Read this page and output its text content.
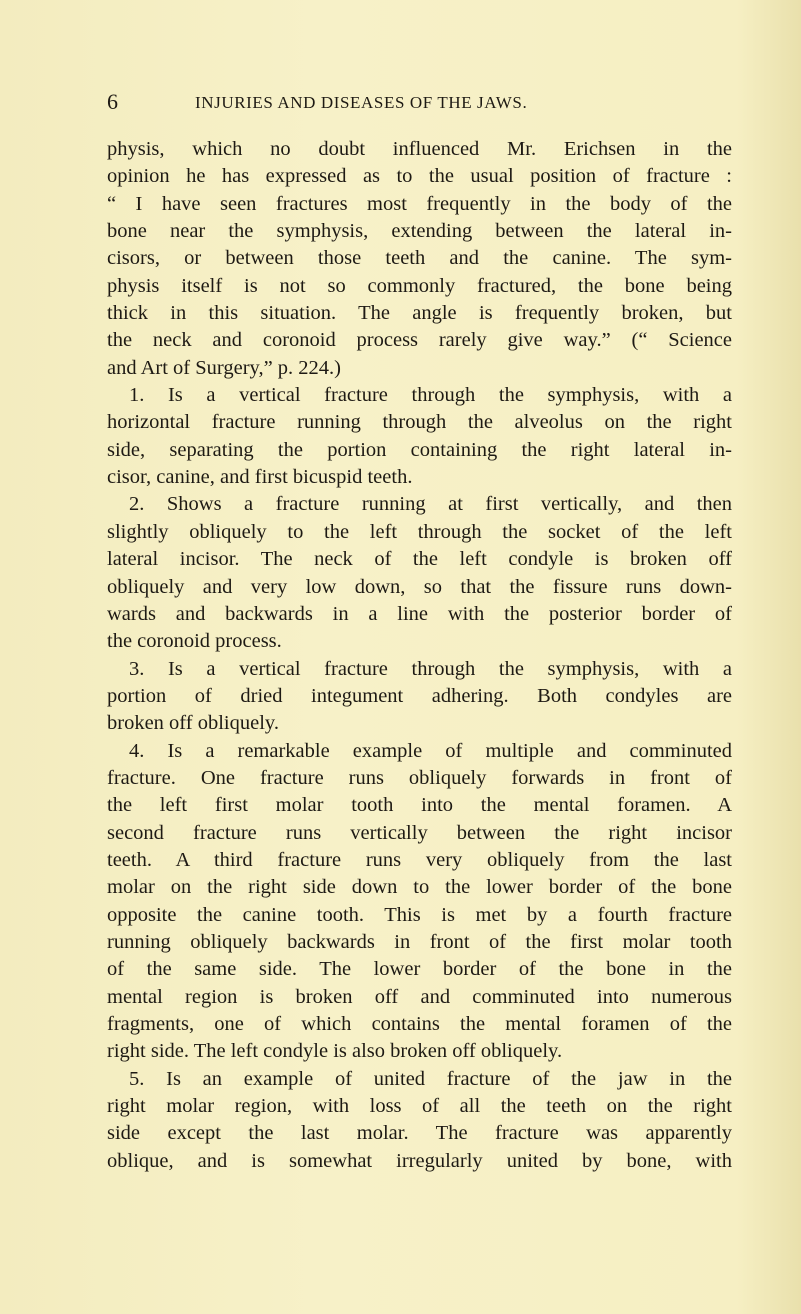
6	INJURIES AND DISEASES OF THE JAWS.
physis, which no doubt influenced Mr. Erichsen in the
opinion he has expressed as to the usual position of fracture :
“ I have seen fractures most frequently in the body of the
bone near the symphysis, extending between the lateral in-
cisors, or between those teeth and the canine. The sym-
physis itself is not so commonly fractured, the bone being
thick in this situation. The angle is frequently broken, but
the neck and coronoid process rarely give way.” (“ Science
and Art of Surgery,” p. 224.)
1. Is a vertical fracture through the symphysis, with a
horizontal fracture running through the alveolus on the right
side, separating the portion containing the right lateral in-
cisor, canine, and first bicuspid teeth.
2. Shows a fracture running at first vertically, and then
slightly obliquely to the left through the socket of the left
lateral incisor. The neck of the left condyle is broken off
obliquely and very low down, so that the fissure runs down-
wards and backwards in a line with the posterior border of
the coronoid process.
3. Is a vertical fracture through the symphysis, with a
portion of dried integument adhering. Both condyles are
broken off obliquely.
4. Is a remarkable example of multiple and comminuted
fracture. One fracture runs obliquely forwards in front of
the left first molar tooth into the mental foramen. A
second fracture runs vertically between the right incisor
teeth. A third fracture runs very obliquely from the last
molar on the right side down to the lower border of the bone
opposite the canine tooth. This is met by a fourth fracture
running obliquely backwards in front of the first molar tooth
of the same side. The lower border of the bone in the
mental region is broken off and comminuted into numerous
fragments, one of which contains the mental foramen of the
right side. The left condyle is also broken off obliquely.
5. Is an example of united fracture of the jaw in the
right molar region, with loss of all the teeth on the right
side except the last molar. The fracture was apparently
oblique, and is somewhat irregularly united by bone, with
